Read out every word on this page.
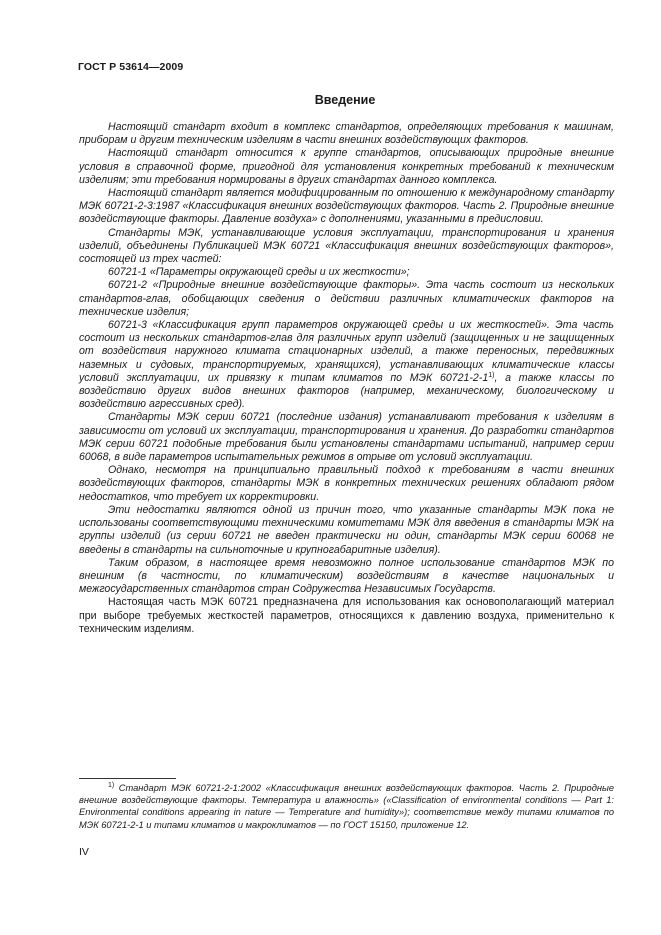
ГОСТ Р 53614—2009
Введение

Настоящий стандарт входит в комплекс стандартов, определяющих требования к машинам, приборам и другим техническим изделиям в части внешних воздействующих факторов.

Настоящий стандарт относится к группе стандартов, описывающих природные внешние условия в справочной форме, пригодной для установления конкретных требований к техническим изделиям; эти требования нормированы в других стандартах данного комплекса.

Настоящий стандарт является модифицированным по отношению к международному стандарту МЭК 60721-2-3:1987 «Классификация внешних воздействующих факторов. Часть 2. Природные внешние воздействующие факторы. Давление воздуха» с дополнениями, указанными в предисловии.

Стандарты МЭК, устанавливающие условия эксплуатации, транспортирования и хранения изделий, объединены Публикацией МЭК 60721 «Классификация внешних воздействующих факторов», состоящей из трех частей:

60721-1 «Параметры окружающей среды и их жесткости»;

60721-2 «Природные внешние воздействующие факторы». Эта часть состоит из нескольких стандартов-глав, обобщающих сведения о действии различных климатических факторов на технические изделия;

60721-3 «Классификация групп параметров окружающей среды и их жесткостей». Эта часть состоит из нескольких стандартов-глав для различных групп изделий (защищенных и не защищенных от воздействия наружного климата стационарных изделий, а также переносных, передвижных наземных и судовых, транспортируемых, хранящихся), устанавливающих климатические классы условий эксплуатации, их привязку к типам климатов по МЭК 60721-2-1$^{1)}$, а также классы по воздействию других видов внешних факторов (например, механическому, биологическому и воздействию агрессивных сред).

Стандарты МЭК серии 60721 (последние издания) устанавливают требования к изделиям в зависимости от условий их эксплуатации, транспортирования и хранения. До разработки стандартов МЭК серии 60721 подобные требования были установлены стандартами испытаний, например серии 60068, в виде параметров испытательных режимов в отрыве от условий эксплуатации.

Однако, несмотря на принципиально правильный подход к требованиям в части внешних воздействующих факторов, стандарты МЭК в конкретных технических решениях обладают рядом недостатков, что требует их корректировки.

Эти недостатки являются одной из причин того, что указанные стандарты МЭК пока не использованы соответствующими техническими комитетами МЭК для введения в стандарты МЭК на группы изделий (из серии 60721 не введен практически ни один, стандарты МЭК серии 60068 не введены в стандарты на сильноточные и крупногабаритные изделия).

Таким образом, в настоящее время невозможно полное использование стандартов МЭК по внешним (в частности, по климатическим) воздействиям в качестве национальных и межгосударственных стандартов стран Содружества Независимых Государств.

Настоящая часть МЭК 60721 предназначена для использования как основополагающий материал при выборе требуемых жесткостей параметров, относящихся к давлению воздуха, применительно к техническим изделиям.

$^{1)}$ Стандарт МЭК 60721-2-1:2002 «Классификация внешних воздействующих факторов. Часть 2. Природные внешние воздействующие факторы. Температура и влажность» («Classification of environmental conditions — Part 1: Environmental conditions appearing in nature — Temperature and humidity»); соответствие между типами климатов по МЭК 60721-2-1 и типами климатов и макроклиматов — по ГОСТ 15150, приложение 12.
IV
